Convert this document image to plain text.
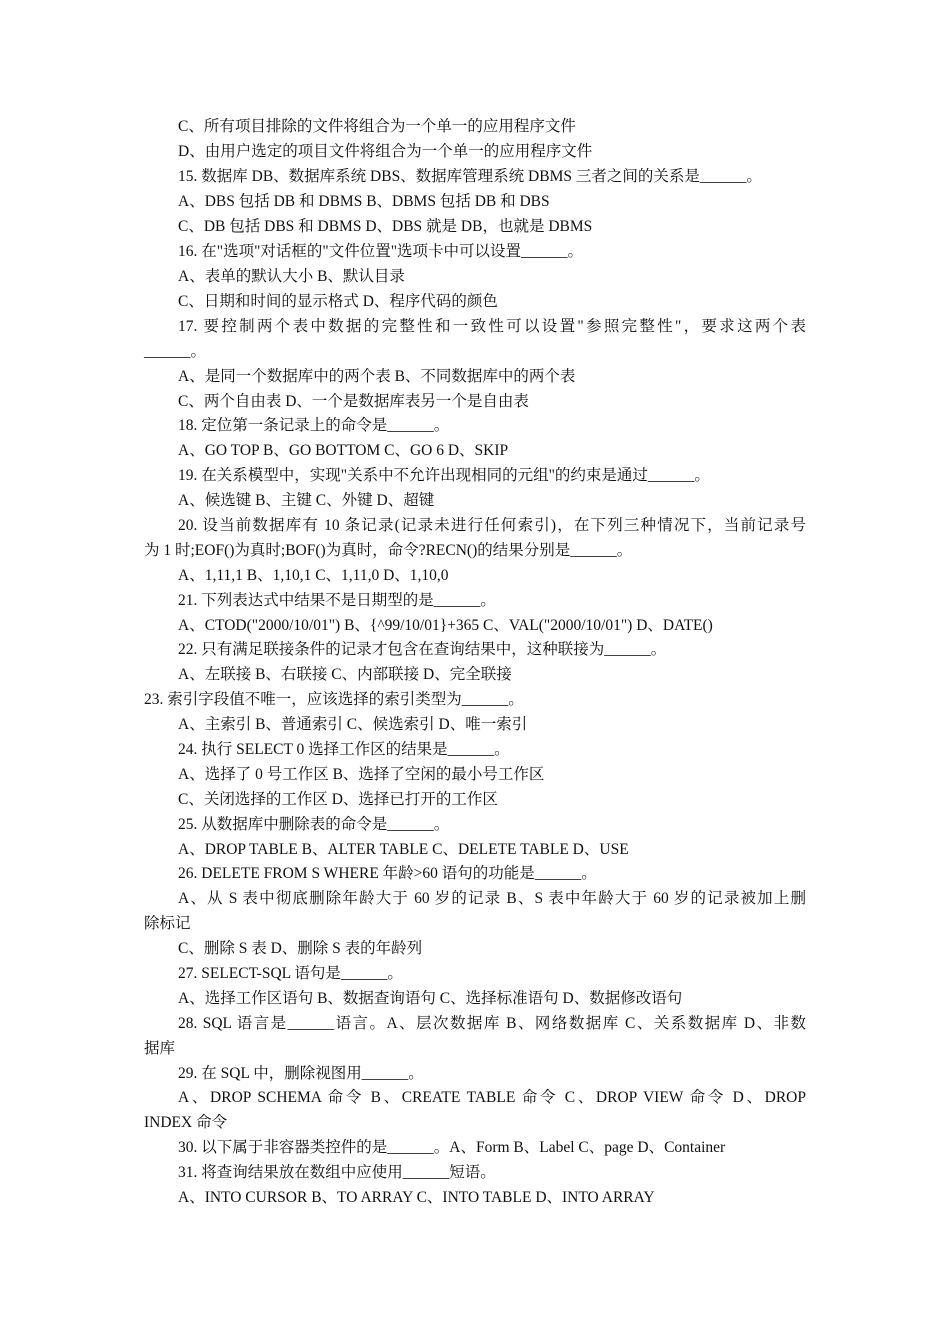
C、所有项目排除的文件将组合为一个单一的应用程序文件
D、由用户选定的项目文件将组合为一个单一的应用程序文件
15. 数据库 DB、数据库系统 DBS、数据库管理系统 DBMS 三者之间的关系是______。
A、DBS 包括 DB 和 DBMS B、DBMS 包括 DB 和 DBS
C、DB 包括 DBS 和 DBMS D、DBS 就是 DB，也就是 DBMS
16. 在"选项"对话框的"文件位置"选项卡中可以设置______。
A、表单的默认大小 B、默认目录
C、日期和时间的显示格式 D、程序代码的颜色
17. 要控制两个表中数据的完整性和一致性可以设置"参照完整性"，要求这两个表
______。
A、是同一个数据库中的两个表 B、不同数据库中的两个表
C、两个自由表 D、一个是数据库表另一个是自由表
18. 定位第一条记录上的命令是______。
A、GO TOP B、GO BOTTOM C、GO 6 D、SKIP
19. 在关系模型中，实现"关系中不允许出现相同的元组"的约束是通过______。
A、候选键 B、主键 C、外键 D、超键
20. 设当前数据库有 10 条记录(记录未进行任何索引)，在下列三种情况下，当前记录号
为 1 时;EOF()为真时;BOF()为真时，命令?RECN()的结果分别是______。
A、1,11,1 B、1,10,1 C、1,11,0 D、1,10,0
21. 下列表达式中结果不是日期型的是______。
A、CTOD("2000/10/01") B、{^99/10/01}+365 C、VAL("2000/10/01") D、DATE()
22. 只有满足联接条件的记录才包含在查询结果中，这种联接为______。
A、左联接 B、右联接 C、内部联接 D、完全联接
23. 索引字段值不唯一，应该选择的索引类型为______。
A、主索引 B、普通索引 C、候选索引 D、唯一索引
24. 执行 SELECT 0 选择工作区的结果是______。
A、选择了 0 号工作区 B、选择了空闲的最小号工作区
C、关闭选择的工作区 D、选择已打开的工作区
25. 从数据库中删除表的命令是______。
A、DROP TABLE B、ALTER TABLE C、DELETE TABLE D、USE
26. DELETE FROM S WHERE 年龄>60 语句的功能是______。
A、从 S 表中彻底删除年龄大于 60 岁的记录 B、S 表中年龄大于 60 岁的记录被加上删
除标记
C、删除 S 表 D、删除 S 表的年龄列
27. SELECT-SQL 语句是______。
A、选择工作区语句 B、数据查询语句 C、选择标准语句 D、数据修改语句
28. SQL 语言是______语言。A、层次数据库 B、网络数据库 C、关系数据库 D、非数
据库
29. 在 SQL 中，删除视图用______。
A、DROP SCHEMA 命令 B、CREATE TABLE 命令 C、DROP VIEW 命令 D、DROP
INDEX 命令
30. 以下属于非容器类控件的是______。A、Form B、Label C、page D、Container
31. 将查询结果放在数组中应使用______短语。
A、INTO CURSOR B、TO ARRAY C、INTO TABLE D、INTO ARRAY
